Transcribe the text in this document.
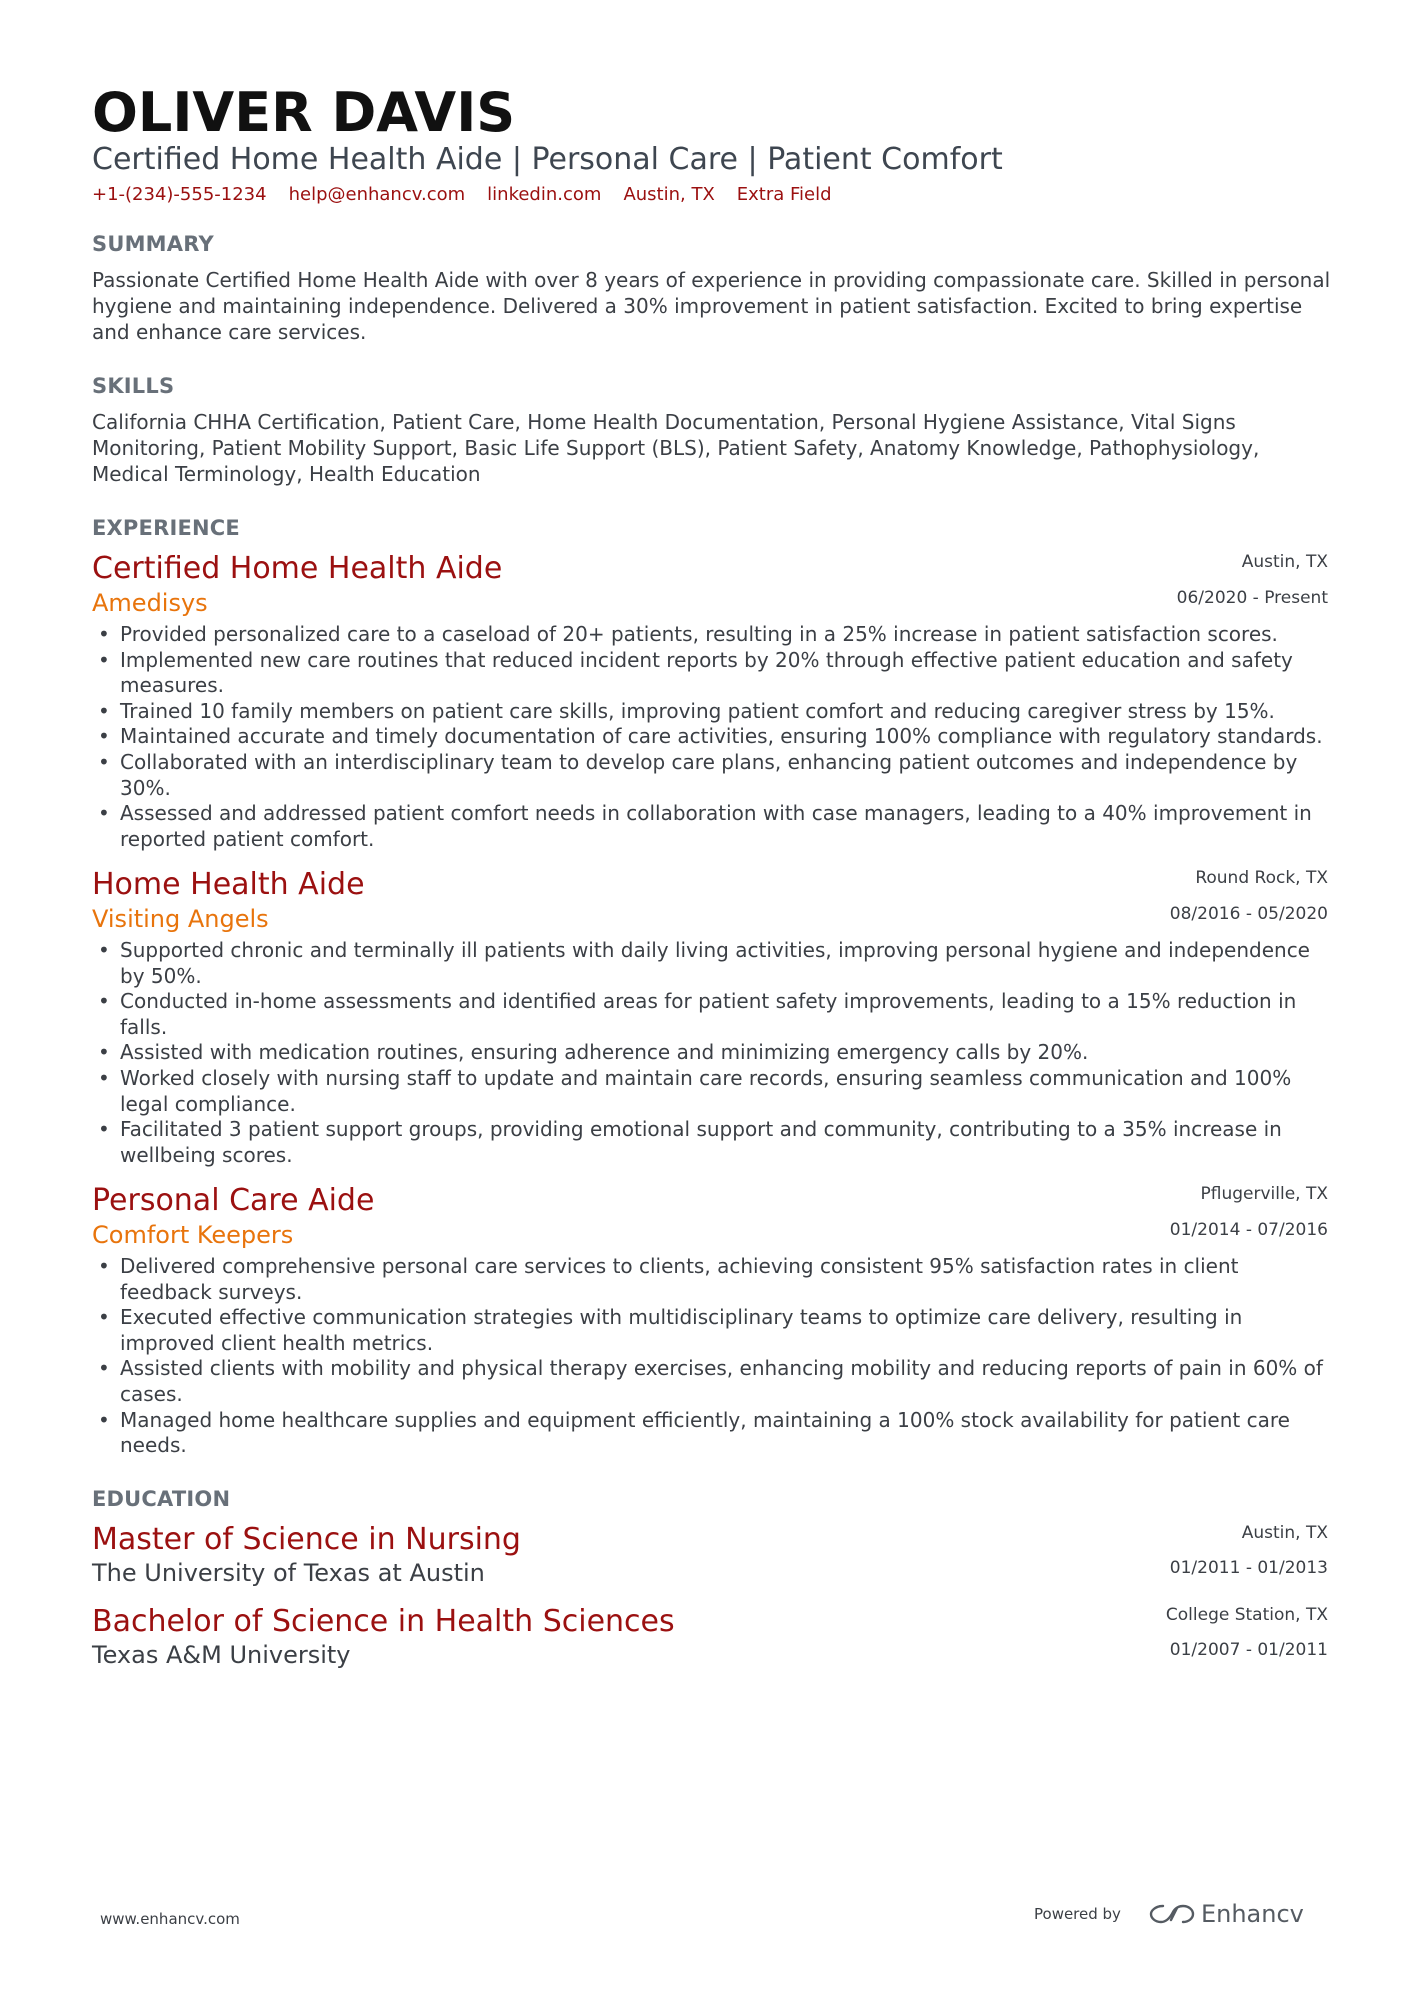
OLIVER DAVIS
Certified Home Health Aide | Personal Care | Patient Comfort
+1-(234)-555-1234 help@enhancv.com linkedin.com Austin, TX Extra Field
SUMMARY
Passionate Certified Home Health Aide with over 8 years of experience in providing compassionate care. Skilled in personal hygiene and maintaining independence. Delivered a 30% improvement in patient satisfaction. Excited to bring expertise and enhance care services.
SKILLS
California CHHA Certification, Patient Care, Home Health Documentation, Personal Hygiene Assistance, Vital Signs Monitoring, Patient Mobility Support, Basic Life Support (BLS), Patient Safety, Anatomy Knowledge, Pathophysiology, Medical Terminology, Health Education
EXPERIENCE
Certified Home Health Aide	Austin, TX
Amedisys	06/2020 - Present
• Provided personalized care to a caseload of 20+ patients, resulting in a 25% increase in patient satisfaction scores.
• Implemented new care routines that reduced incident reports by 20% through effective patient education and safety measures.
• Trained 10 family members on patient care skills, improving patient comfort and reducing caregiver stress by 15%.
• Maintained accurate and timely documentation of care activities, ensuring 100% compliance with regulatory standards.
• Collaborated with an interdisciplinary team to develop care plans, enhancing patient outcomes and independence by 30%.
• Assessed and addressed patient comfort needs in collaboration with case managers, leading to a 40% improvement in reported patient comfort.
Home Health Aide	Round Rock, TX
Visiting Angels	08/2016 - 05/2020
• Supported chronic and terminally ill patients with daily living activities, improving personal hygiene and independence by 50%.
• Conducted in-home assessments and identified areas for patient safety improvements, leading to a 15% reduction in falls.
• Assisted with medication routines, ensuring adherence and minimizing emergency calls by 20%.
• Worked closely with nursing staff to update and maintain care records, ensuring seamless communication and 100% legal compliance.
• Facilitated 3 patient support groups, providing emotional support and community, contributing to a 35% increase in wellbeing scores.
Personal Care Aide	Pflugerville, TX
Comfort Keepers	01/2014 - 07/2016
• Delivered comprehensive personal care services to clients, achieving consistent 95% satisfaction rates in client feedback surveys.
• Executed effective communication strategies with multidisciplinary teams to optimize care delivery, resulting in improved client health metrics.
• Assisted clients with mobility and physical therapy exercises, enhancing mobility and reducing reports of pain in 60% of cases.
• Managed home healthcare supplies and equipment efficiently, maintaining a 100% stock availability for patient care needs.
EDUCATION
Master of Science in Nursing	Austin, TX
The University of Texas at Austin	01/2011 - 01/2013
Bachelor of Science in Health Sciences	College Station, TX
Texas A&M University	01/2007 - 01/2011
www.enhancv.com	Powered by	Enhancv
